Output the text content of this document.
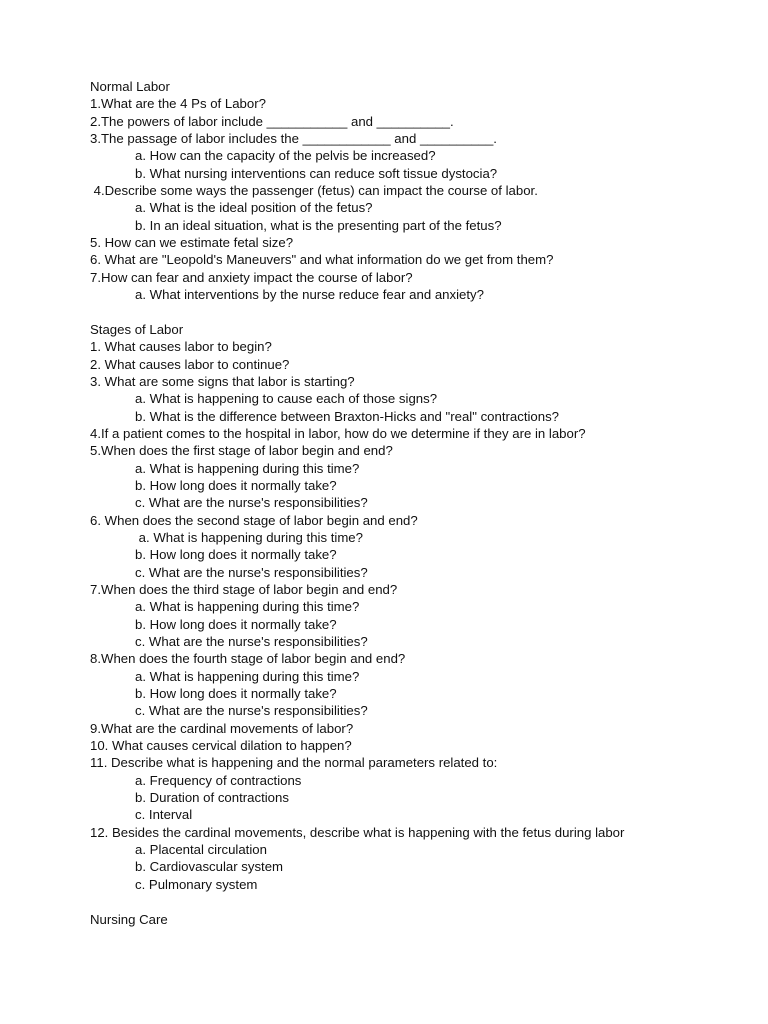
Normal Labor
1.What are the 4 Ps of Labor?
2.The powers of labor include ___________ and __________.
3.The passage of labor includes the ____________ and __________.
a. How can the capacity of the pelvis be increased?
b. What nursing interventions can reduce soft tissue dystocia?
4.Describe some ways the passenger (fetus) can impact the course of labor.
a. What is the ideal position of the fetus?
b. In an ideal situation, what is the presenting part of the fetus?
5. How can we estimate fetal size?
6. What are "Leopold's Maneuvers" and what information do we get from them?
7.How can fear and anxiety impact the course of labor?
a. What interventions by the nurse reduce fear and anxiety?
Stages of Labor
1. What causes labor to begin?
2. What causes labor to continue?
3. What are some signs that labor is starting?
a. What is happening to cause each of those signs?
b. What is the difference between Braxton-Hicks and "real" contractions?
4.If a patient comes to the hospital in labor, how do we determine if they are in labor?
5.When does the first stage of labor begin and end?
a. What is happening during this time?
b. How long does it normally take?
c. What are the nurse's responsibilities?
6. When does the second stage of labor begin and end?
a. What is happening during this time?
b. How long does it normally take?
c. What are the nurse's responsibilities?
7.When does the third stage of labor begin and end?
a. What is happening during this time?
b. How long does it normally take?
c. What are the nurse's responsibilities?
8.When does the fourth stage of labor begin and end?
a. What is happening during this time?
b. How long does it normally take?
c. What are the nurse's responsibilities?
9.What are the cardinal movements of labor?
10. What causes cervical dilation to happen?
11. Describe what is happening and the normal parameters related to:
a. Frequency of contractions
b. Duration of contractions
c. Interval
12. Besides the cardinal movements, describe what is happening with the fetus during labor
a. Placental circulation
b. Cardiovascular system
c. Pulmonary system
Nursing Care
